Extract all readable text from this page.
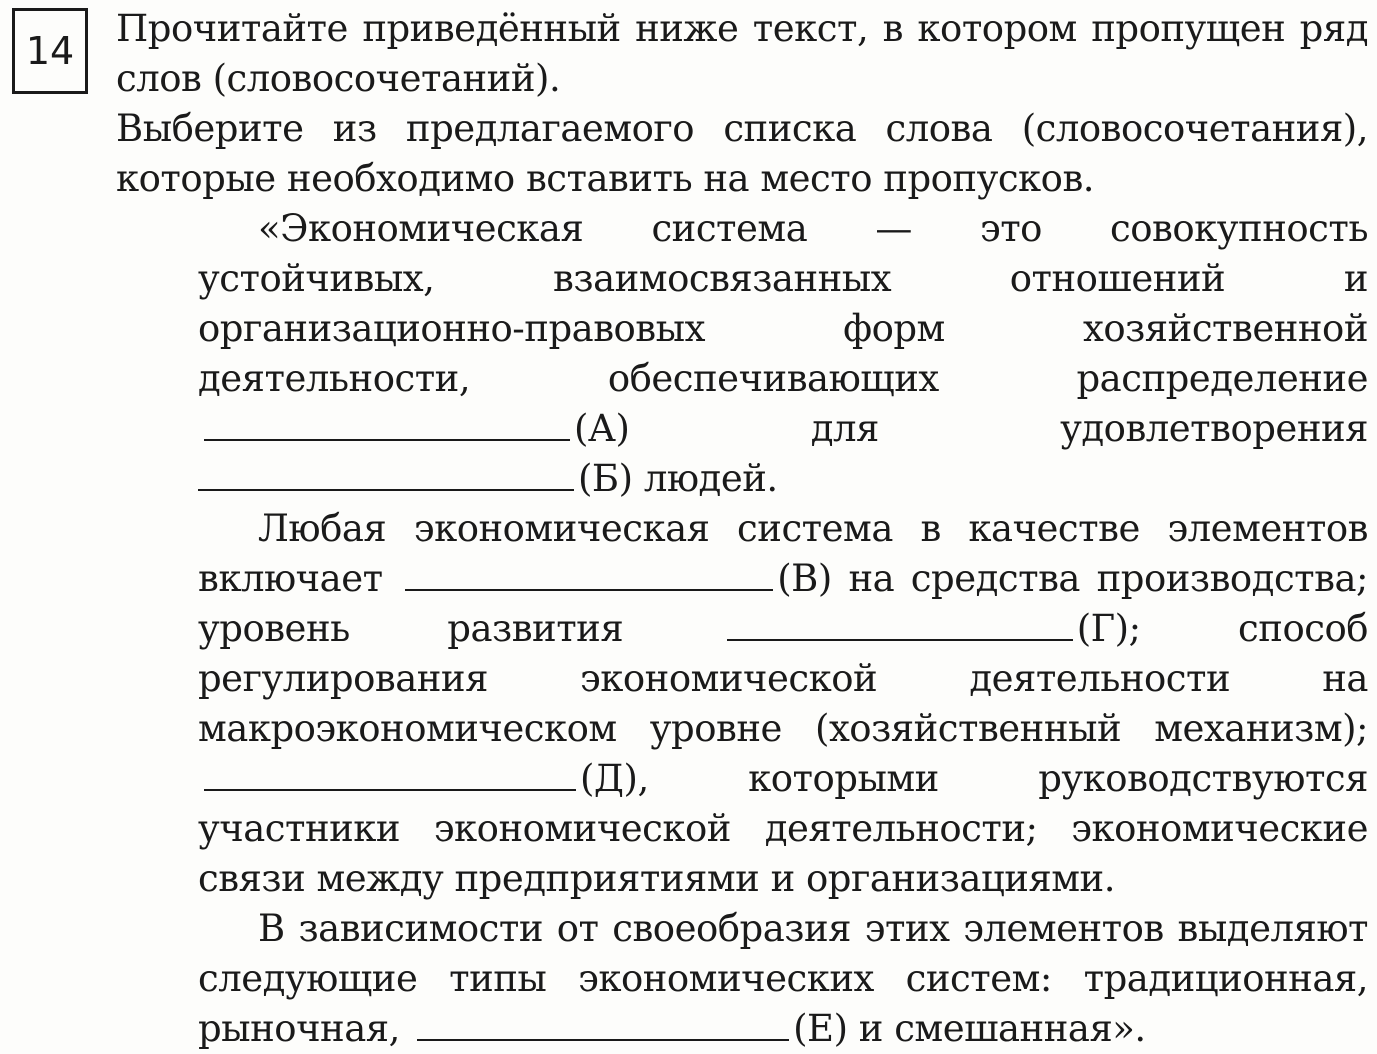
14

Прочитайте приведённый ниже текст, в котором пропущен ряд слов (словосочетаний).

Выберите из предлагаемого списка слова (словосочетания), которые необходимо вставить на место пропусков.

«Экономическая система — это совокупность устойчивых, взаимосвязанных отношений и организационно-правовых форм хозяйственной деятельности, обеспечивающих распределение (А)	для удовлетворения (Б) людей.

Любая экономическая система в качестве элементов включает	(В) на средства производства; уровень развития	(Г); способ регулирования экономической деятельности на макроэкономическом уровне (хозяйственный механизм); (Д),	которыми руководствуются участники экономической деятельности; экономические связи между предприятиями и организациями.

В зависимости от своеобразия этих элементов выделяют следующие типы экономических систем: традиционная, рыночная,	(Е) и смешанная».
